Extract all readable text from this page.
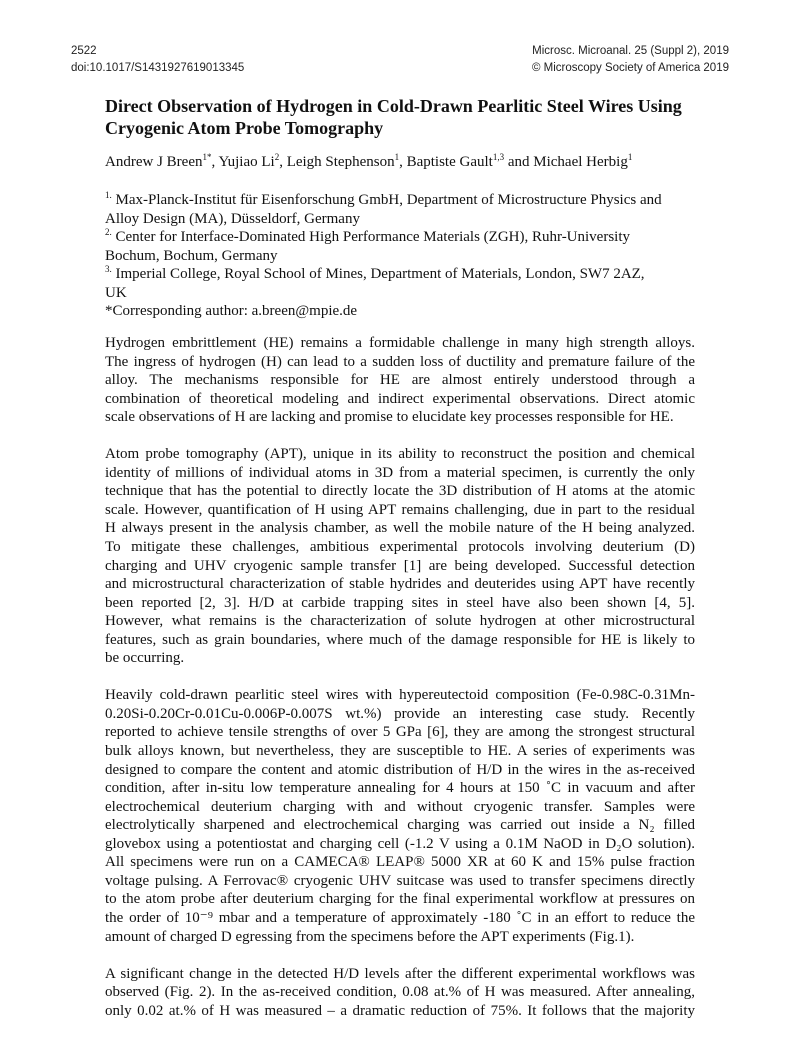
2522
doi:10.1017/S1431927619013345
Microsc. Microanal. 25 (Suppl 2), 2019
© Microscopy Society of America 2019
Direct Observation of Hydrogen in Cold-Drawn Pearlitic Steel Wires Using
Cryogenic Atom Probe Tomography
Andrew J Breen$^{1*}$, Yujiao Li$^2$, Leigh Stephenson$^1$, Baptiste Gault$^{1,3}$ and Michael Herbig$^1$
$^{1.}$ Max-Planck-Institut für Eisenforschung GmbH, Department of Microstructure Physics and
Alloy Design (MA), Düsseldorf, Germany
$^{2.}$ Center for Interface-Dominated High Performance Materials (ZGH), Ruhr-University
Bochum, Bochum, Germany
$^{3.}$ Imperial College, Royal School of Mines, Department of Materials, London, SW7 2AZ,
UK
*Corresponding author: a.breen@mpie.de
Hydrogen embrittlement (HE) remains a formidable challenge in many high strength alloys.
The ingress of hydrogen (H) can lead to a sudden loss of ductility and premature failure of the
alloy. The mechanisms responsible for HE are almost entirely understood through a
combination of theoretical modeling and indirect experimental observations. Direct atomic
scale observations of H are lacking and promise to elucidate key processes responsible for HE.
Atom probe tomography (APT), unique in its ability to reconstruct the position and chemical
identity of millions of individual atoms in 3D from a material specimen, is currently the only
technique that has the potential to directly locate the 3D distribution of H atoms at the atomic
scale. However, quantification of H using APT remains challenging, due in part to the residual
H always present in the analysis chamber, as well the mobile nature of the H being analyzed.
To mitigate these challenges, ambitious experimental protocols involving deuterium (D)
charging and UHV cryogenic sample transfer [1] are being developed. Successful detection
and microstructural characterization of stable hydrides and deuterides using APT have recently
been reported [2, 3]. H/D at carbide trapping sites in steel have also been shown [4, 5].
However, what remains is the characterization of solute hydrogen at other microstructural
features, such as grain boundaries, where much of the damage responsible for HE is likely to
be occurring.
Heavily cold-drawn pearlitic steel wires with hypereutectoid composition (Fe-0.98C-0.31Mn-
0.20Si-0.20Cr-0.01Cu-0.006P-0.007S wt.%) provide an interesting case study. Recently
reported to achieve tensile strengths of over 5 GPa [6], they are among the strongest structural
bulk alloys known, but nevertheless, they are susceptible to HE. A series of experiments was
designed to compare the content and atomic distribution of H/D in the wires in the as-received
condition, after in-situ low temperature annealing for 4 hours at 150 ˚C in vacuum and after
electrochemical deuterium charging with and without cryogenic transfer. Samples were
electrolytically sharpened and electrochemical charging was carried out inside a N₂ filled
glovebox using a potentiostat and charging cell (-1.2 V using a 0.1M NaOD in D₂O solution).
All specimens were run on a CAMECA® LEAP® 5000 XR at 60 K and 15% pulse fraction
voltage pulsing. A Ferrovac® cryogenic UHV suitcase was used to transfer specimens directly
to the atom probe after deuterium charging for the final experimental workflow at pressures on
the order of 10⁻⁹ mbar and a temperature of approximately -180 ˚C in an effort to reduce the
amount of charged D egressing from the specimens before the APT experiments (Fig.1).
A significant change in the detected H/D levels after the different experimental workflows was
observed (Fig. 2). In the as-received condition, 0.08 at.% of H was measured. After annealing,
only 0.02 at.% of H was measured – a dramatic reduction of 75%. It follows that the majority
